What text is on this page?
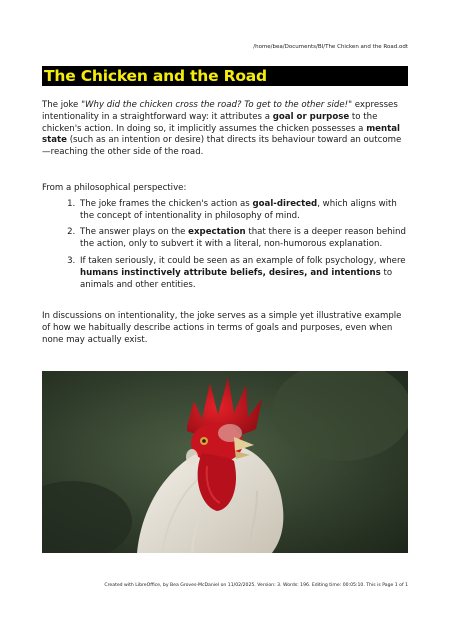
/home/bea/Documents/BI/The Chicken and the Road.odt
The Chicken and the Road

The joke "Why did the chicken cross the road? To get to the other side!" expresses intentionality in a straightforward way: it attributes a goal or purpose to the chicken's action. In doing so, it implicitly assumes the chicken possesses a mental state (such as an intention or desire) that directs its behaviour toward an outcome—reaching the other side of the road.

From a philosophical perspective:

1. The joke frames the chicken's action as goal-directed, which aligns with the concept of intentionality in philosophy of mind.
2. The answer plays on the expectation that there is a deeper reason behind the action, only to subvert it with a literal, non-humorous explanation.
3. If taken seriously, it could be seen as an example of folk psychology, where humans instinctively attribute beliefs, desires, and intentions to animals and other entities.

In discussions on intentionality, the joke serves as a simple yet illustrative example of how we habitually describe actions in terms of goals and purposes, even when none may actually exist.

Created with LibreOffice, by Bea Groves-McDaniel on 11/02/2025. Version: 3. Words: 196. Editing time: 00:05:10. This is Page 1 of 1
